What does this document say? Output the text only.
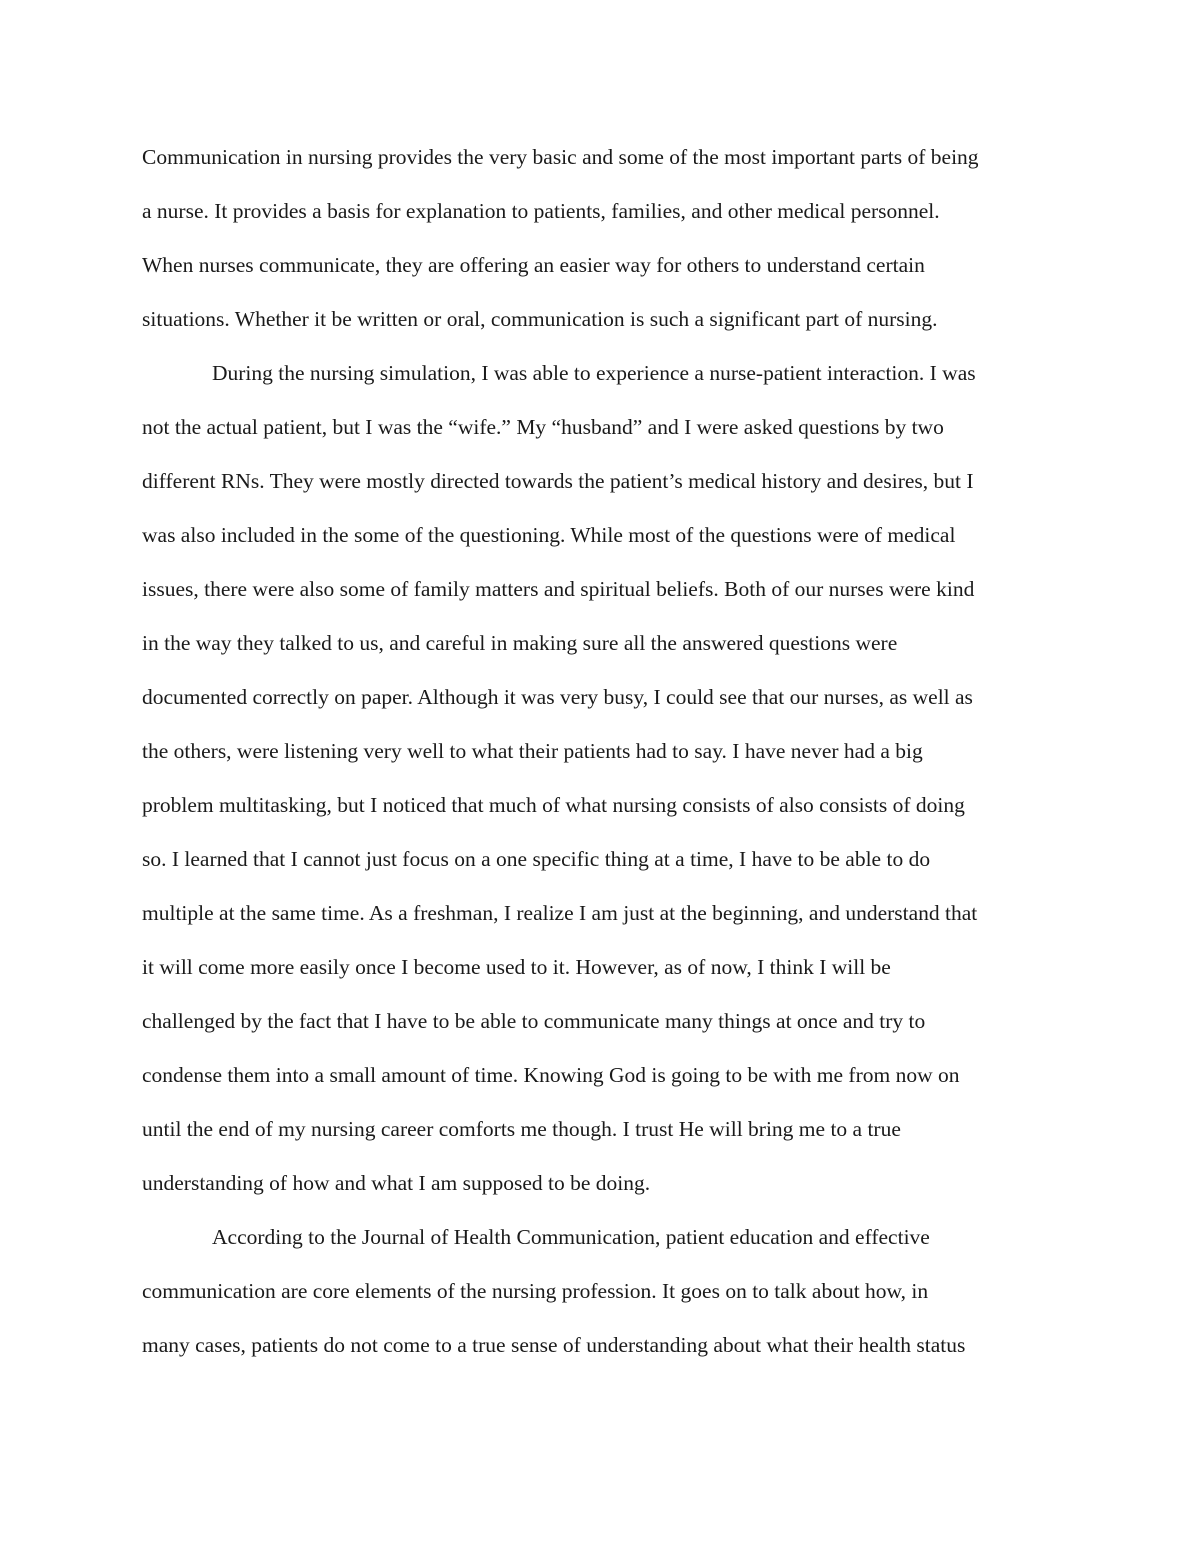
Communication in nursing provides the very basic and some of the most important parts of being
a nurse. It provides a basis for explanation to patients, families, and other medical personnel.
When nurses communicate, they are offering an easier way for others to understand certain
situations. Whether it be written or oral, communication is such a significant part of nursing.
During the nursing simulation, I was able to experience a nurse-patient interaction. I was
not the actual patient, but I was the “wife.” My “husband” and I were asked questions by two
different RNs. They were mostly directed towards the patient’s medical history and desires, but I
was also included in the some of the questioning. While most of the questions were of medical
issues, there were also some of family matters and spiritual beliefs. Both of our nurses were kind
in the way they talked to us, and careful in making sure all the answered questions were
documented correctly on paper. Although it was very busy, I could see that our nurses, as well as
the others, were listening very well to what their patients had to say. I have never had a big
problem multitasking, but I noticed that much of what nursing consists of also consists of doing
so. I learned that I cannot just focus on a one specific thing at a time, I have to be able to do
multiple at the same time. As a freshman, I realize I am just at the beginning, and understand that
it will come more easily once I become used to it. However, as of now, I think I will be
challenged by the fact that I have to be able to communicate many things at once and try to
condense them into a small amount of time. Knowing God is going to be with me from now on
until the end of my nursing career comforts me though. I trust He will bring me to a true
understanding of how and what I am supposed to be doing.
According to the Journal of Health Communication, patient education and effective
communication are core elements of the nursing profession. It goes on to talk about how, in
many cases, patients do not come to a true sense of understanding about what their health status
